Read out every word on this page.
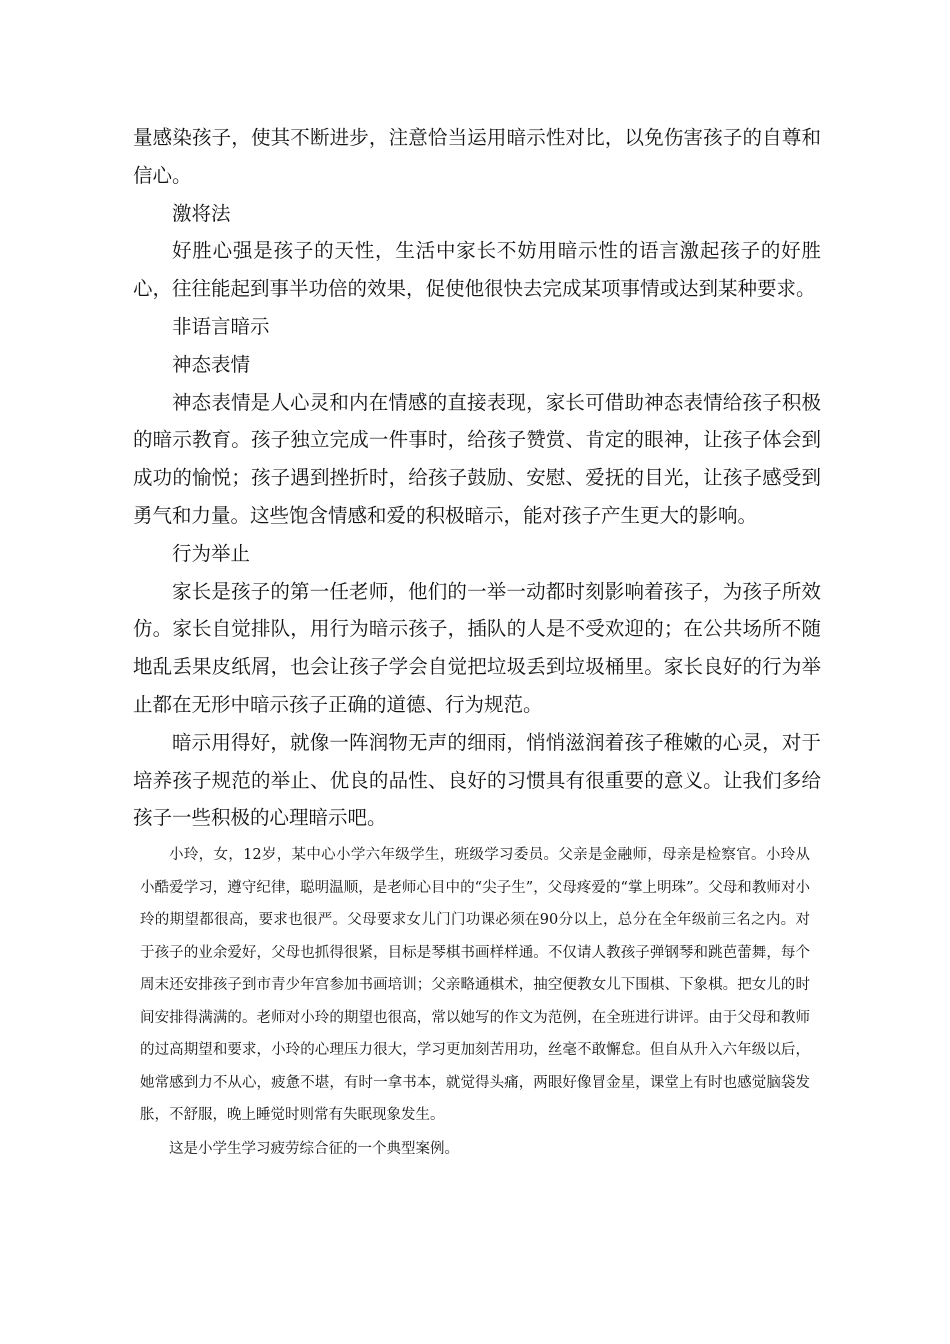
量感染孩子，使其不断进步，注意恰当运用暗示性对比，以免伤害孩子的自尊和信心。

激将法

好胜心强是孩子的天性，生活中家长不妨用暗示性的语言激起孩子的好胜心，往往能起到事半功倍的效果，促使他很快去完成某项事情或达到某种要求。

非语言暗示

神态表情

神态表情是人心灵和内在情感的直接表现，家长可借助神态表情给孩子积极的暗示教育。孩子独立完成一件事时，给孩子赞赏、肯定的眼神，让孩子体会到成功的愉悦；孩子遇到挫折时，给孩子鼓励、安慰、爱抚的目光，让孩子感受到勇气和力量。这些饱含情感和爱的积极暗示，能对孩子产生更大的影响。

行为举止

家长是孩子的第一任老师，他们的一举一动都时刻影响着孩子，为孩子所效仿。家长自觉排队，用行为暗示孩子，插队的人是不受欢迎的；在公共场所不随地乱丢果皮纸屑，也会让孩子学会自觉把垃圾丢到垃圾桶里。家长良好的行为举止都在无形中暗示孩子正确的道德、行为规范。

暗示用得好，就像一阵润物无声的细雨，悄悄滋润着孩子稚嫩的心灵，对于培养孩子规范的举止、优良的品性、良好的习惯具有很重要的意义。让我们多给孩子一些积极的心理暗示吧。

小玲，女，12岁，某中心小学六年级学生，班级学习委员。父亲是金融师，母亲是检察官。小玲从小酷爱学习，遵守纪律，聪明温顺，是老师心目中的“尖子生”，父母疼爱的“掌上明珠”。父母和教师对小玲的期望都很高，要求也很严。父母要求女儿门门功课必须在90分以上，总分在全年级前三名之内。对于孩子的业余爱好，父母也抓得很紧，目标是琴棋书画样样通。不仅请人教孩子弹钢琴和跳芭蕾舞，每个周末还安排孩子到市青少年宫参加书画培训；父亲略通棋术，抽空便教女儿下围棋、下象棋。把女儿的时间安排得满满的。老师对小玲的期望也很高，常以她写的作文为范例，在全班进行讲评。由于父母和教师的过高期望和要求，小玲的心理压力很大，学习更加刻苦用功，丝毫不敢懈怠。但自从升入六年级以后，她常感到力不从心，疲惫不堪，有时一拿书本，就觉得头痛，两眼好像冒金星，课堂上有时也感觉脑袋发胀，不舒服，晚上睡觉时则常有失眠现象发生。

这是小学生学习疲劳综合征的一个典型案例。
